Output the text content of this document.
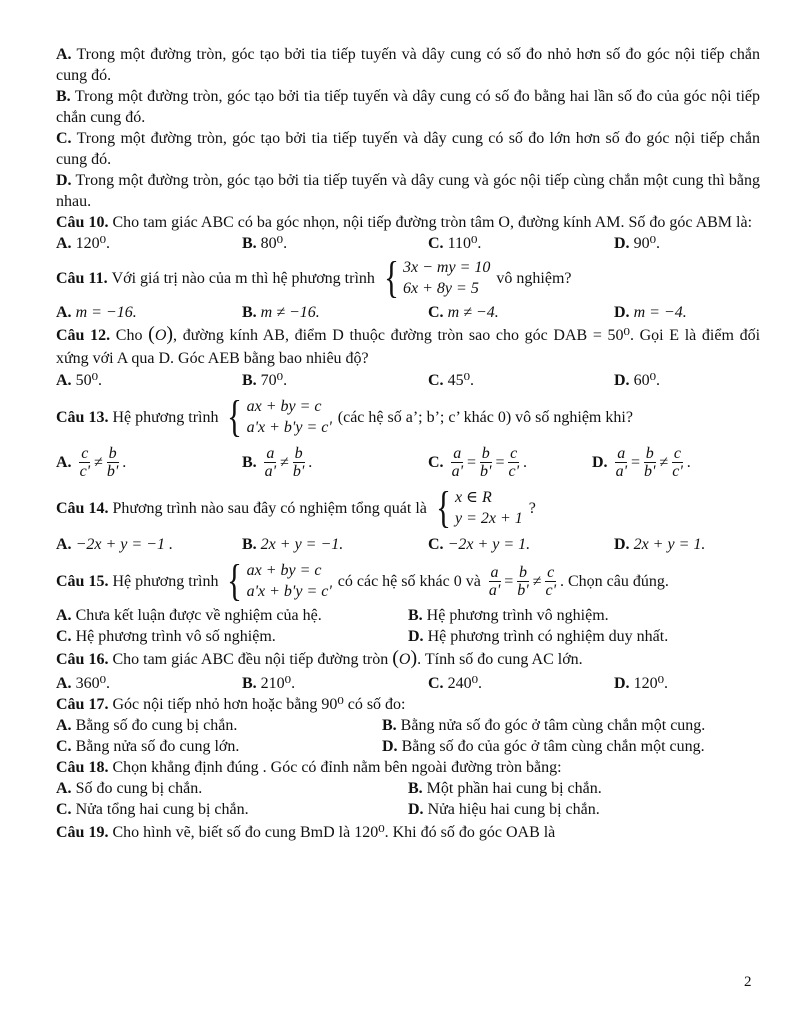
A. Trong một đường tròn, góc tạo bởi tia tiếp tuyến và dây cung có số đo nhỏ hơn số đo góc nội tiếp chắn cung đó.

B. Trong một đường tròn, góc tạo bởi tia tiếp tuyến và dây cung có số đo bằng hai lần số đo của góc nội tiếp chắn cung đó.

C. Trong một đường tròn, góc tạo bởi tia tiếp tuyến và dây cung có số đo lớn hơn số đo góc nội tiếp chắn cung đó.

D. Trong một đường tròn, góc tạo bởi tia tiếp tuyến và dây cung và góc nội tiếp cùng chắn một cung thì bằng nhau.

Câu 10. Cho tam giác ABC có ba góc nhọn, nội tiếp đường tròn tâm O, đường kính AM. Số đo góc ABM là:

A. 120⁰.	B. 80⁰.	C. 110⁰.	D. 90⁰.
Câu 11.
Với giá trị nào của m thì hệ phương trình { 3x − my = 10
6x + 8y = 5
vô nghiệm?
A. m = −16.	B. m ≠ −16.	C. m ≠ −4.	D. m = −4.

Câu 12. Cho (O), đường kính AB, điểm D thuộc đường tròn sao cho góc DAB = 50⁰. Gọi E là điểm đối xứng với A qua D. Góc AEB bằng bao nhiêu độ?

A. 50⁰.	B. 70⁰.	C. 45⁰.	D. 60⁰.
Câu 13.
Hệ phương trình { ax + by = c
a'x + b'y = c'
(các hệ số a’; b’; c’ khác 0) vô số nghiệm khi?
A.
$\frac{c}{c'} \ne \frac{b}{b'}$ .	B.
$\frac{a}{a'} \ne \frac{b}{b'}$ .	C.
$\frac{a}{a'} = \frac{b}{b'} = \frac{c}{c'}$ .	D.
$\frac{a}{a'} = \frac{b}{b'} \ne \frac{c}{c'}$ .
Câu 14.
Phương trình nào sau đây có nghiệm tổng quát là { x ∈ R
y = 2x + 1
?
A. −2x + y = −1 .	B. 2x + y = −1.	C. −2x + y = 1.	D. 2x + y = 1.
Câu 15.
Hệ phương trình { ax + by = c
a'x + b'y = c'
có các hệ số khác 0 và
$\frac{a}{a'} = \frac{b}{b'} \ne \frac{c}{c'}$ . Chọn câu đúng.
A. Chưa kết luận được về nghiệm của hệ.	B. Hệ phương trình vô nghiệm.
C. Hệ phương trình vô số nghiệm.	D. Hệ phương trình có nghiệm duy nhất.

Câu 16. Cho tam giác ABC đều nội tiếp đường tròn (O). Tính số đo cung AC lớn.

A. 360⁰.	B. 210⁰.	C. 240⁰.	D. 120⁰.

Câu 17. Góc nội tiếp nhỏ hơn hoặc bằng 90⁰ có số đo:

A. Bằng số đo cung bị chắn.	B. Bằng nửa số đo góc ở tâm cùng chắn một cung.
C. Bằng nửa số đo cung lớn.	D. Bằng số đo của góc ở tâm cùng chắn một cung.

Câu 18. Chọn khẳng định đúng . Góc có đỉnh nằm bên ngoài đường tròn bằng:

A. Số đo cung bị chắn.	B. Một phần hai cung bị chắn.
C. Nửa tổng hai cung bị chắn.	D. Nửa hiệu hai cung bị chắn.

Câu 19. Cho hình vẽ, biết số đo cung BmD là 120⁰. Khi đó số đo góc OAB là

2
